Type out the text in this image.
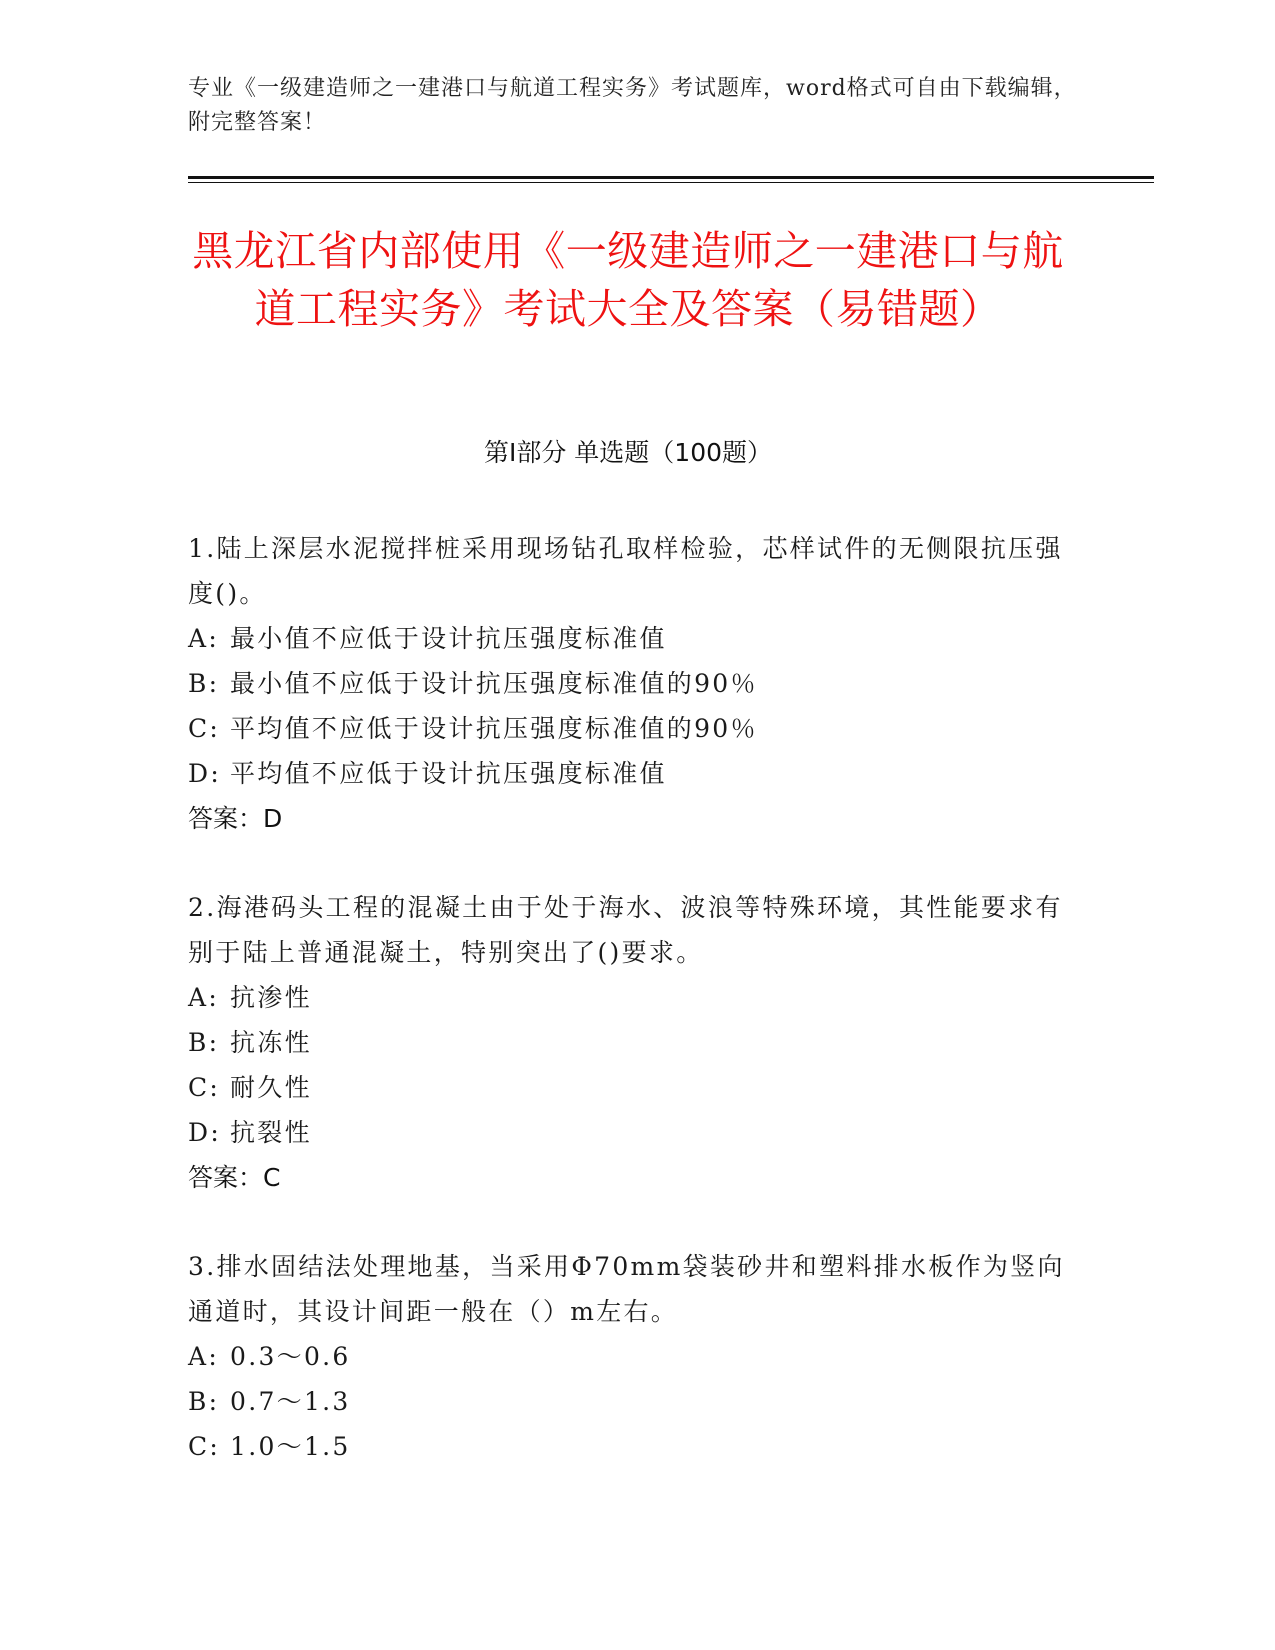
专业《一级建造师之一建港口与航道工程实务》考试题库，word格式可自由下载编辑，附完整答案！
黑龙江省内部使用《一级建造师之一建港口与航道工程实务》考试大全及答案（易错题）
第Ⅰ部分 单选题（100题）
1.陆上深层水泥搅拌桩采用现场钻孔取样检验，芯样试件的无侧限抗压强度()。
A: 最小值不应低于设计抗压强度标准值
B: 最小值不应低于设计抗压强度标准值的90％
C: 平均值不应低于设计抗压强度标准值的90％
D: 平均值不应低于设计抗压强度标准值
答案：D
2.海港码头工程的混凝土由于处于海水、波浪等特殊环境，其性能要求有别于陆上普通混凝土，特别突出了()要求。
A: 抗渗性
B: 抗冻性
C: 耐久性
D: 抗裂性
答案：C
3.排水固结法处理地基，当采用Φ70mm袋装砂井和塑料排水板作为竖向通道时，其设计间距一般在（）m左右。
A: 0.3～0.6
B: 0.7～1.3
C: 1.0～1.5
